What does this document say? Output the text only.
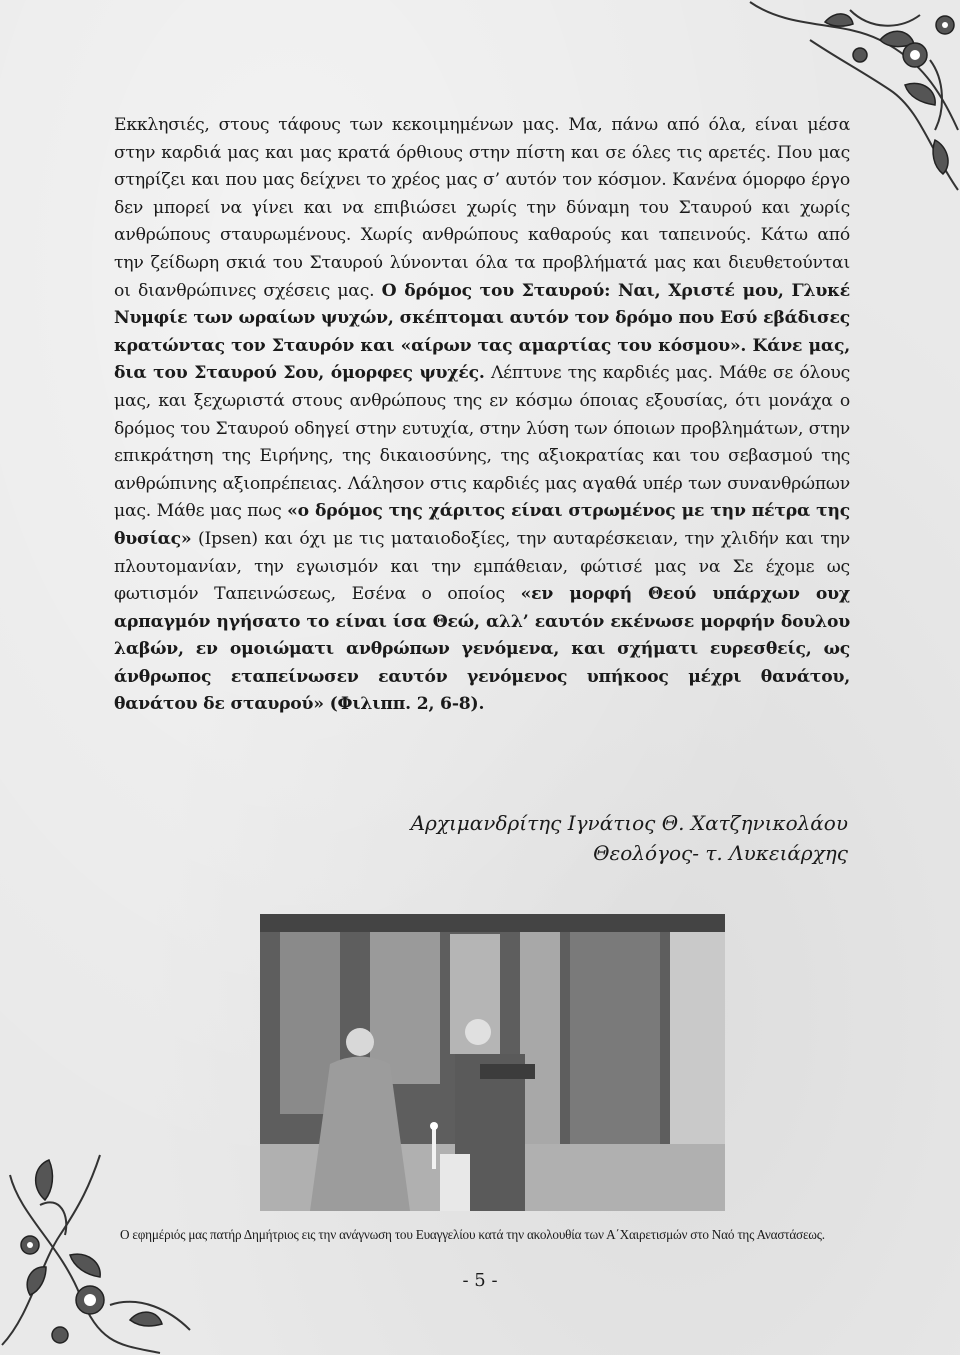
Εκκλησιές, στους τάφους των κεκοιμημένων μας. Μα, πάνω από όλα, είναι μέσα στην καρδιά μας και μας κρατά όρθιους στην πίστη και σε όλες τις αρετές. Που μας στηρίζει και που μας δείχνει το χρέος μας σ’ αυτόν τον κόσμον. Κανένα όμορφο έργο δεν μπορεί να γίνει και να επιβιώσει χωρίς την δύναμη του Σταυρού και χωρίς ανθρώπους σταυρωμένους. Χωρίς ανθρώπους καθαρούς και ταπεινούς. Κάτω από την ζείδωρη σκιά του Σταυρού λύνονται όλα τα προβλήματά μας και διευθετούνται οι διανθρώπινες σχέσεις μας. Ο δρόμος του Σταυρού: Ναι, Χριστέ μου, Γλυκέ Νυμφίε των ωραίων ψυχών, σκέπτομαι αυτόν τον δρόμο που Εσύ εβάδισες κρατώντας τον Σταυρόν και «αίρων τας αμαρτίας του κόσμου». Κάνε μας, δια του Σταυρού Σου, όμορφες ψυχές. Λέπτυνε της καρδιές μας. Μάθε σε όλους μας, και ξεχωριστά στους ανθρώπους της εν κόσμω όποιας εξουσίας, ότι μονάχα ο δρόμος του Σταυρού οδηγεί στην ευτυχία, στην λύση των όποιων προβλημάτων, στην επικράτηση της Ειρήνης, της δικαιοσύνης, της αξιοκρατίας και του σεβασμού της ανθρώπινης αξιοπρέπειας. Λάλησον στις καρδιές μας αγαθά υπέρ των συνανθρώπων μας. Μάθε μας πως «ο δρόμος της χάριτος είναι στρωμένος με την πέτρα της θυσίας» (Ipsen) και όχι με τις ματαιοδοξίες, την αυταρέσκειαν, την χλιδήν και την πλουτομανίαν, την εγωισμόν και την εμπάθειαν, φώτισέ μας να Σε έχομε ως φωτισμόν Ταπεινώσεως, Εσένα ο οποίος «εν μορφή Θεού υπάρχων ουχ αρπαγμόν ηγήσατο το είναι ίσα Θεώ, αλλ’ εαυτόν εκένωσε μορφήν δουλου λαβών, εν ομοιώματι ανθρώπων γενόμενα, και σχήματι ευρεσθείς, ως άνθρωπος εταπείνωσεν εαυτόν γενόμενος υπήκοος μέχρι θανάτου, θανάτου δε σταυρού» (Φιλιππ. 2, 6-8).

Αρχιμανδρίτης Ιγνάτιος Θ. Χατζηνικολάου
Θεολόγος- τ. Λυκειάρχης
Ο εφημέριός μας πατήρ Δημήτριος εις την ανάγνωση του Ευαγγελίου κατά την ακολουθία των Α΄Χαιρετισμών στο Ναό της Αναστάσεως.
- 5 -
